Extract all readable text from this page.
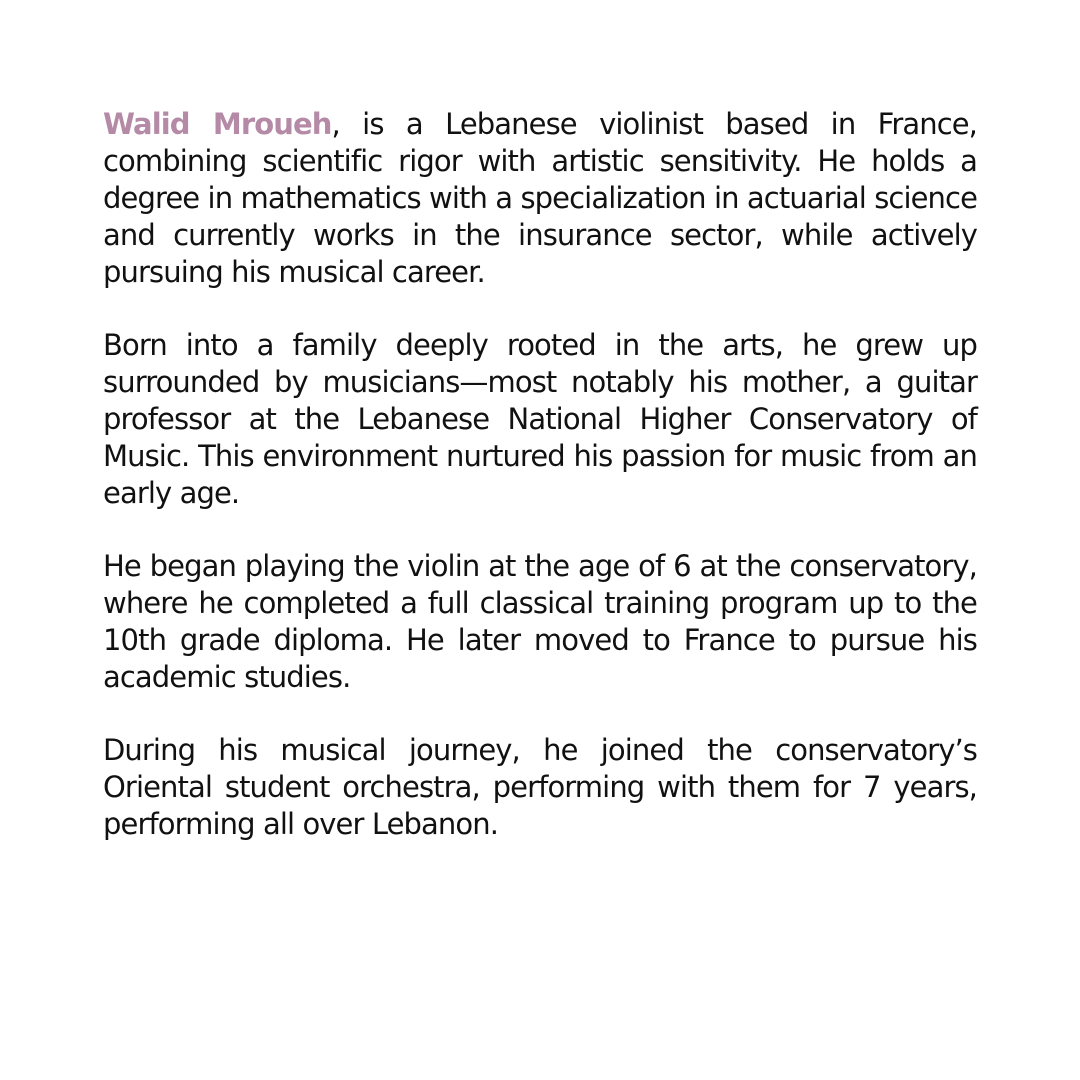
Walid Mroueh, is a Lebanese violinist based in France, combining scientific rigor with artistic sensitivity. He holds a degree in mathematics with a specialization in actuarial science and currently works in the insurance sector, while actively pursuing his musical career.

Born into a family deeply rooted in the arts, he grew up surrounded by musicians—most notably his mother, a guitar professor at the Lebanese National Higher Conservatory of Music. This environment nurtured his passion for music from an early age.

He began playing the violin at the age of 6 at the conservatory, where he completed a full classical training program up to the 10th grade diploma. He later moved to France to pursue his academic studies.

During his musical journey, he joined the conservatory’s Oriental student orchestra, performing with them for 7 years, performing all over Lebanon.
